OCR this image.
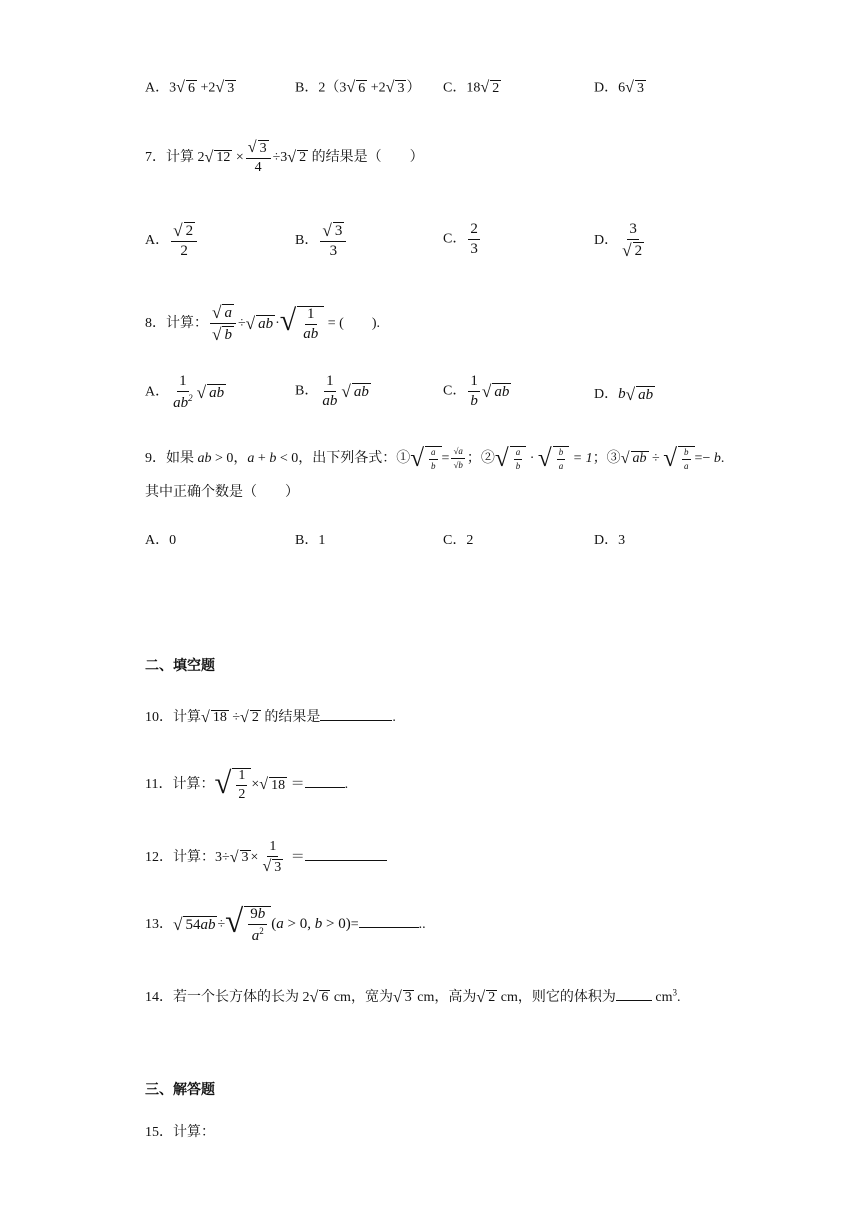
A．3 √ 6 +2 √ 3	B．2（3 √ 6 +2 √ 3 ） C．18 √ 2	D．6 √ 3
7．计算 2 √ $12 \times \frac{√ 3}{4} \div 3$ √ 2 的结果是（　　）
A． $\frac{√ 2}{2}$	B． $\frac{√ 3}{3}$	C． $\frac{2}{3}$	D． $\frac{3}{√ 2}$
8．计算： $\frac{√ a}{√ b}$ ÷ √ ab · √ $\frac{1}{ab}$ = (　　).
A． $\frac{1}{ab^2}$ √ ab	B． $\frac{1}{ab}$ √ ab	C． $\frac{1}{b}$ √ ab	D．b √ ab
9．如果 ab > 0，a + b < 0，出下列各式：① √ $\frac{a}{b} = \frac{√a}{√b}$ ；② √ $\frac{a}{b}$ · √ $\frac{b}{a} = 1$；③ √ ab ÷ √ $\frac{b}{a} =- b$.
其中正确个数是（　　）
A．0	B．1	C．2	D．3
二、填空题
10．计算 √ 18 ÷ √ 2 的结果是	.
11．计算： √ $\frac{1}{2}$ × √ 18 ＝	.
12．计算：3÷ √ $3 \times \frac{1}{√ 3}$ ＝
13． √ 54 ab ÷ √ $\frac{9b}{a^2} (a > 0$, b > 0)=	..
14．若一个长方体的长为 2 √ 6 cm，宽为 √ 3 cm，高为 √ 2 cm，则它的体积为	$cm^3$.
三、解答题
15．计算：
